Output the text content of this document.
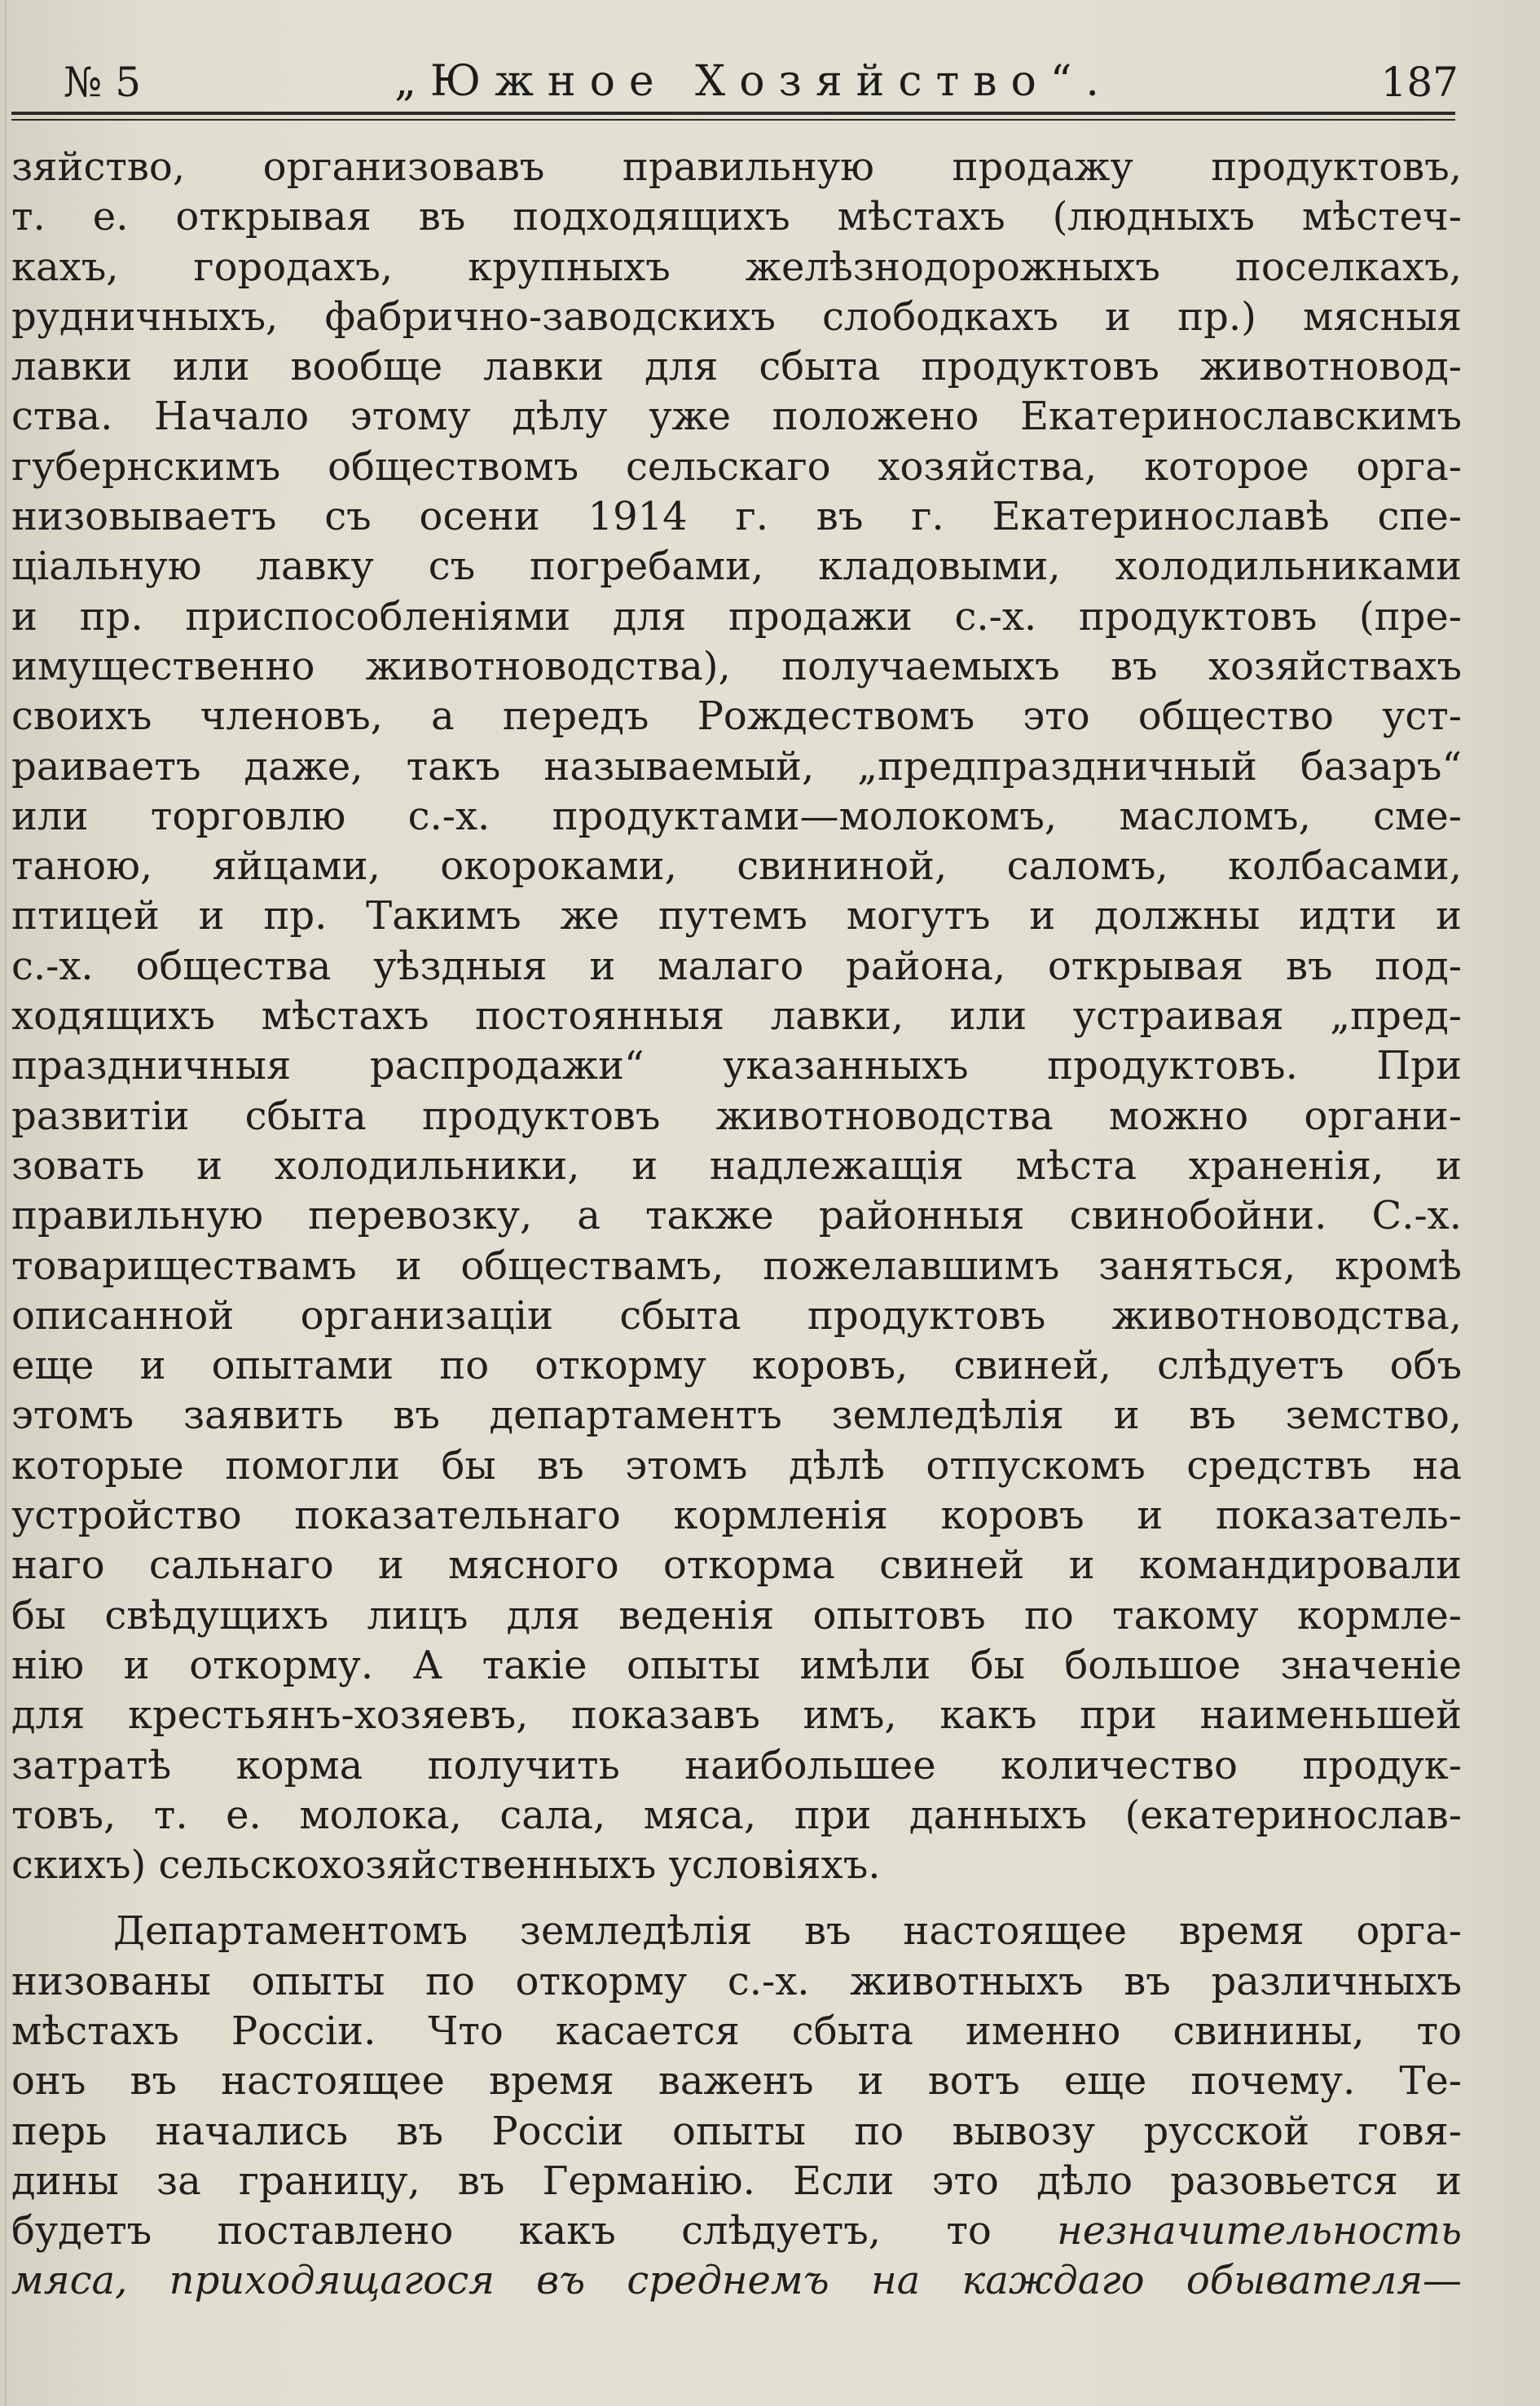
№ 5	„Южное Хозяйство“.	187
зяйство, организовавъ правильную продажу продуктовъ,
т. е. открывая въ подходящихъ мѣстахъ (людныхъ мѣстеч-
кахъ, городахъ, крупныхъ желѣзнодорожныхъ поселкахъ,
рудничныхъ, фабрично-заводскихъ слободкахъ и пр.) мясныя
лавки или вообще лавки для сбыта продуктовъ животновод-
ства. Начало этому дѣлу уже положено Екатеринославскимъ
губернскимъ обществомъ сельскаго хозяйства, которое орга-
низовываетъ съ осени 1914 г. въ г. Екатеринославѣ спе-
ціальную лавку съ погребами, кладовыми, холодильниками
и пр. приспособленіями для продажи с.-х. продуктовъ (пре-
имущественно животноводства), получаемыхъ въ хозяйствахъ
своихъ членовъ, а передъ Рождествомъ это общество уст-
раиваетъ даже, такъ называемый, „предпраздничный базаръ“
или торговлю с.-х. продуктами—молокомъ, масломъ, сме-
таною, яйцами, окороками, свининой, саломъ, колбасами,
птицей и пр. Такимъ же путемъ могутъ и должны идти и
с.-х. общества уѣздныя и малаго района, открывая въ под-
ходящихъ мѣстахъ постоянныя лавки, или устраивая „пред-
праздничныя распродажи“ указанныхъ продуктовъ. При
развитіи сбыта продуктовъ животноводства можно органи-
зовать и холодильники, и надлежащія мѣста храненія, и
правильную перевозку, а также районныя свинобойни. С.-х.
товариществамъ и обществамъ, пожелавшимъ заняться, кромѣ
описанной организаціи сбыта продуктовъ животноводства,
еще и опытами по откорму коровъ, свиней, слѣдуетъ объ
этомъ заявить въ департаментъ земледѣлія и въ земство,
которые помогли бы въ этомъ дѣлѣ отпускомъ средствъ на
устройство показательнаго кормленія коровъ и показатель-
наго сальнаго и мясного откорма свиней и командировали
бы свѣдущихъ лицъ для веденія опытовъ по такому кормле-
нію и откорму. А такіе опыты имѣли бы большое значеніе
для крестьянъ-хозяевъ, показавъ имъ, какъ при наименьшей
затратѣ корма получить наибольшее количество продук-
товъ, т. е. молока, сала, мяса, при данныхъ (екатеринослав-
скихъ) сельскохозяйственныхъ условіяхъ.
Департаментомъ земледѣлія въ настоящее время орга-
низованы опыты по откорму с.-х. животныхъ въ различныхъ
мѣстахъ Россіи. Что касается сбыта именно свинины, то
онъ въ настоящее время важенъ и вотъ еще почему. Те-
перь начались въ Россіи опыты по вывозу русской говя-
дины за границу, въ Германію. Если это дѣло разовьется и
будетъ поставлено какъ слѣдуетъ, то незначительность
мяса, приходящагося въ среднемъ на каждаго обывателя—
